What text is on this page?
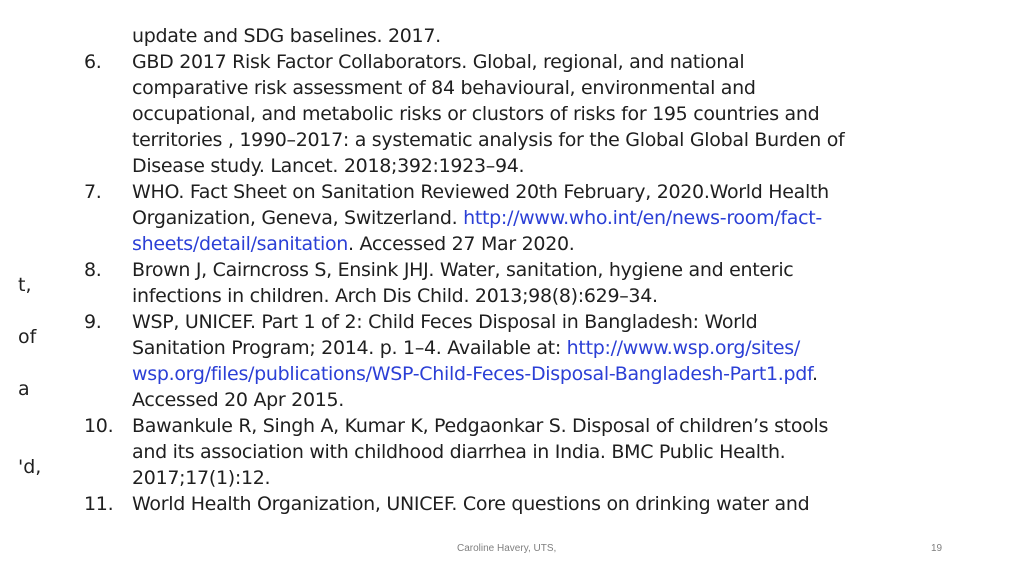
t,
of
a
'd,
update and SDG baselines. 2017.
6. GBD 2017 Risk Factor Collaborators. Global, regional, and national
comparative risk assessment of 84 behavioural, environmental and
occupational, and metabolic risks or clustors of risks for 195 countries and
territories , 1990–2017: a systematic analysis for the Global Global Burden of
Disease study. Lancet. 2018;392:1923–94.
7. WHO. Fact Sheet on Sanitation Reviewed 20th February, 2020.World Health
Organization, Geneva, Switzerland. http://www.who.int/en/news-room/fact-
sheets/detail/sanitation. Accessed 27 Mar 2020.
8. Brown J, Cairncross S, Ensink JHJ. Water, sanitation, hygiene and enteric
infections in children. Arch Dis Child. 2013;98(8):629–34.
9. WSP, UNICEF. Part 1 of 2: Child Feces Disposal in Bangladesh: World
Sanitation Program; 2014. p. 1–4. Available at: http://www.wsp.org/sites/
wsp.org/files/publications/WSP-Child-Feces-Disposal-Bangladesh-Part1.pdf.
Accessed 20 Apr 2015.
10. Bawankule R, Singh A, Kumar K, Pedgaonkar S. Disposal of children’s stools
and its association with childhood diarrhea in India. BMC Public Health.
2017;17(1):12.
11. World Health Organization, UNICEF. Core questions on drinking water and
Caroline Havery, UTS,	19
